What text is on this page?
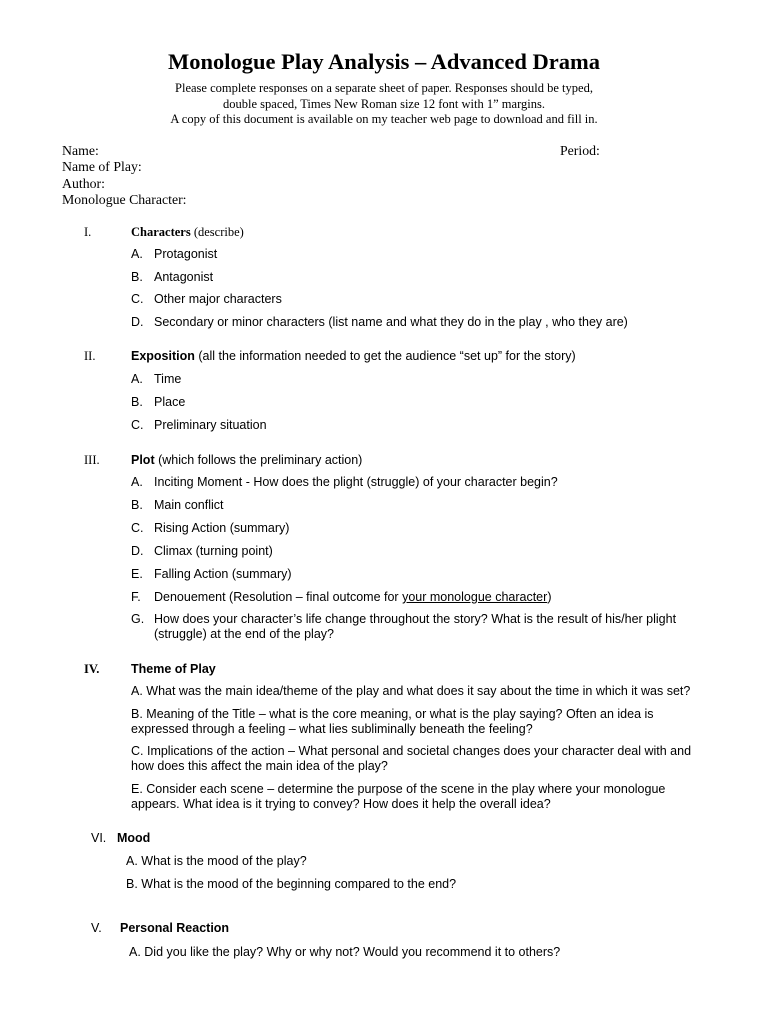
Monologue Play Analysis – Advanced Drama
Please complete responses on a separate sheet of paper. Responses should be typed,
double spaced, Times New Roman size 12 font with 1” margins.
A copy of this document is available on my teacher web page to download and fill in.
Name:
Name of Play:
Author:
Monologue Character:
Period:
I.	Characters (describe)
A. Protagonist
B. Antagonist
C. Other major characters
D. Secondary or minor characters (list name and what they do in the play , who they are)
II.	Exposition (all the information needed to get the audience “set up” for the story)
A. Time
B. Place
C. Preliminary situation
III.	Plot (which follows the preliminary action)
A. Inciting Moment - How does the plight (struggle) of your character begin?
B. Main conflict
C. Rising Action (summary)
D. Climax (turning point)
E. Falling Action (summary)
F. Denouement (Resolution – final outcome for your monologue character)
G. How does your character’s life change throughout the story? What is the result of his/her plight
(struggle) at the end of the play?
IV.	Theme of Play
A. What was the main idea/theme of the play and what does it say about the time in which it was set?
B. Meaning of the Title – what is the core meaning, or what is the play saying? Often an idea is
expressed through a feeling – what lies subliminally beneath the feeling?
C. Implications of the action – What personal and societal changes does your character deal with and
how does this affect the main idea of the play?
E. Consider each scene – determine the purpose of the scene in the play where your monologue
appears. What idea is it trying to convey? How does it help the overall idea?
VI. Mood
A. What is the mood of the play?
B. What is the mood of the beginning compared to the end?
V. Personal Reaction
A. Did you like the play? Why or why not? Would you recommend it to others?
